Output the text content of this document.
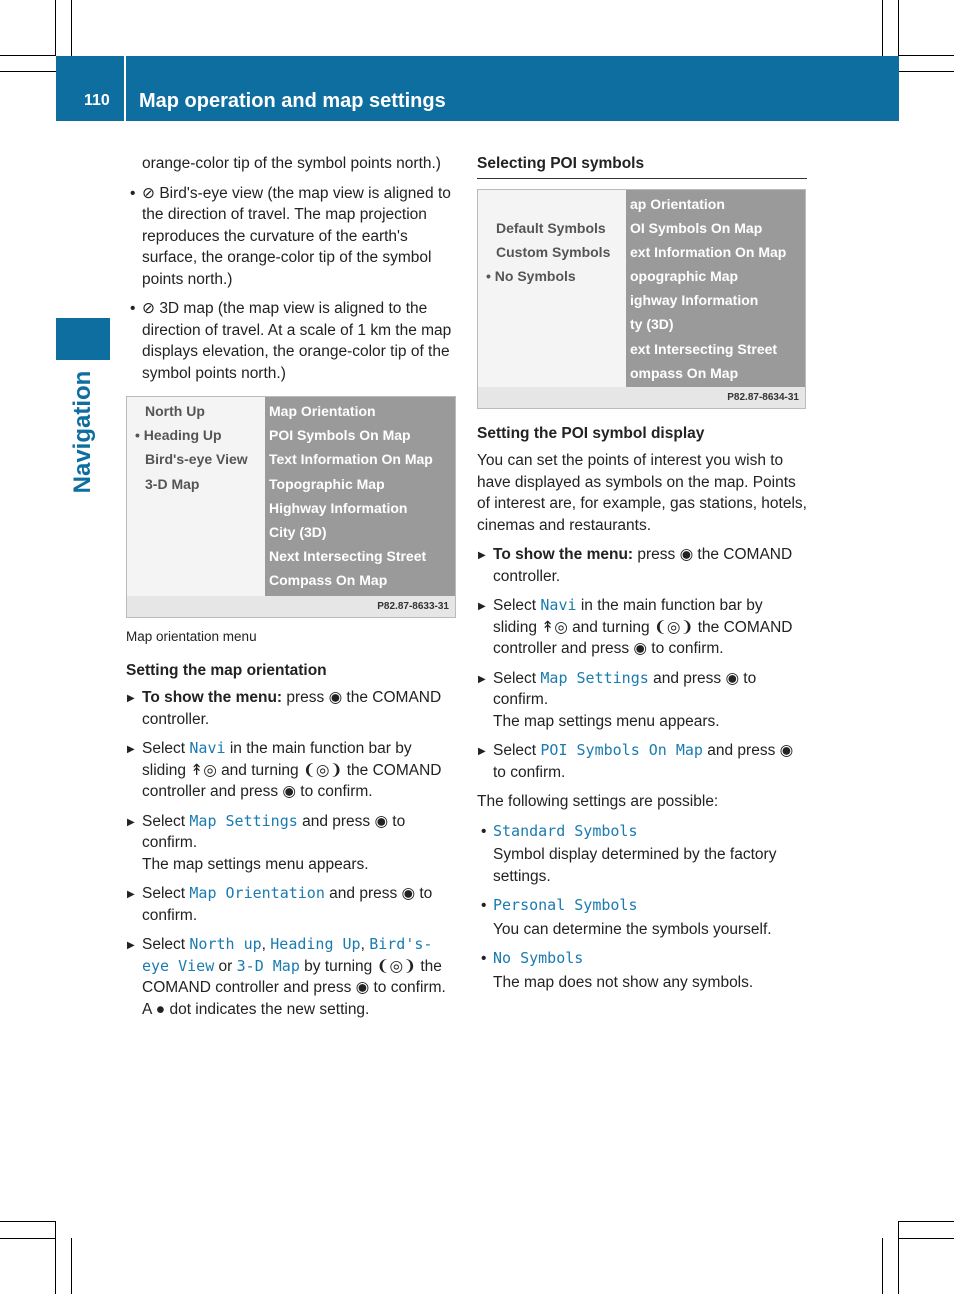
110 Map operation and map settings
Navigation

orange-color tip of the symbol points north.)

• ⊘ Bird's-eye view (the map view is aligned to the direction of travel. The map projection reproduces the curvature of the earth's surface, the orange-color tip of the symbol points north.)

• ⊘ 3D map (the map view is aligned to the direction of travel. At a scale of 1 km the map displays elevation, the orange-color tip of the symbol points north.)

North Up
• Heading Up
Bird's-eye View
3-D Map
Map Orientation
POI Symbols On Map
Text Information On Map
Topographic Map
Highway Information
City (3D)
Next Intersecting Street
Compass On Map
P82.87-8633-31

Map orientation menu

Setting the map orientation

▶ To show the menu: press ◉ the COMAND controller.

▶ Select Navi in the main function bar by sliding ↟◎ and turning ❨◎❩ the COMAND controller and press ◉ to confirm.

▶ Select Map Settings and press ◉ to confirm.
The map settings menu appears.

▶ Select Map Orientation and press ◉ to confirm.

▶ Select North up, Heading Up, Bird's-eye View or 3-D Map by turning ❨◎❩ the COMAND controller and press ◉ to confirm.
A ● dot indicates the new setting.

Selecting POI symbols

Default Symbols
Custom Symbols
• No Symbols
ap Orientation
OI Symbols On Map
ext Information On Map
opographic Map
ighway Information
ty (3D)
ext Intersecting Street
ompass On Map
P82.87-8634-31

Setting the POI symbol display

You can set the points of interest you wish to have displayed as symbols on the map. Points of interest are, for example, gas stations, hotels, cinemas and restaurants.

▶ To show the menu: press ◉ the COMAND controller.

▶ Select Navi in the main function bar by sliding ↟◎ and turning ❨◎❩ the COMAND controller and press ◉ to confirm.

▶ Select Map Settings and press ◉ to confirm.
The map settings menu appears.

▶ Select POI Symbols On Map and press ◉ to confirm.

The following settings are possible:

• Standard Symbols

Symbol display determined by the factory settings.

• Personal Symbols

You can determine the symbols yourself.

• No Symbols

The map does not show any symbols.
